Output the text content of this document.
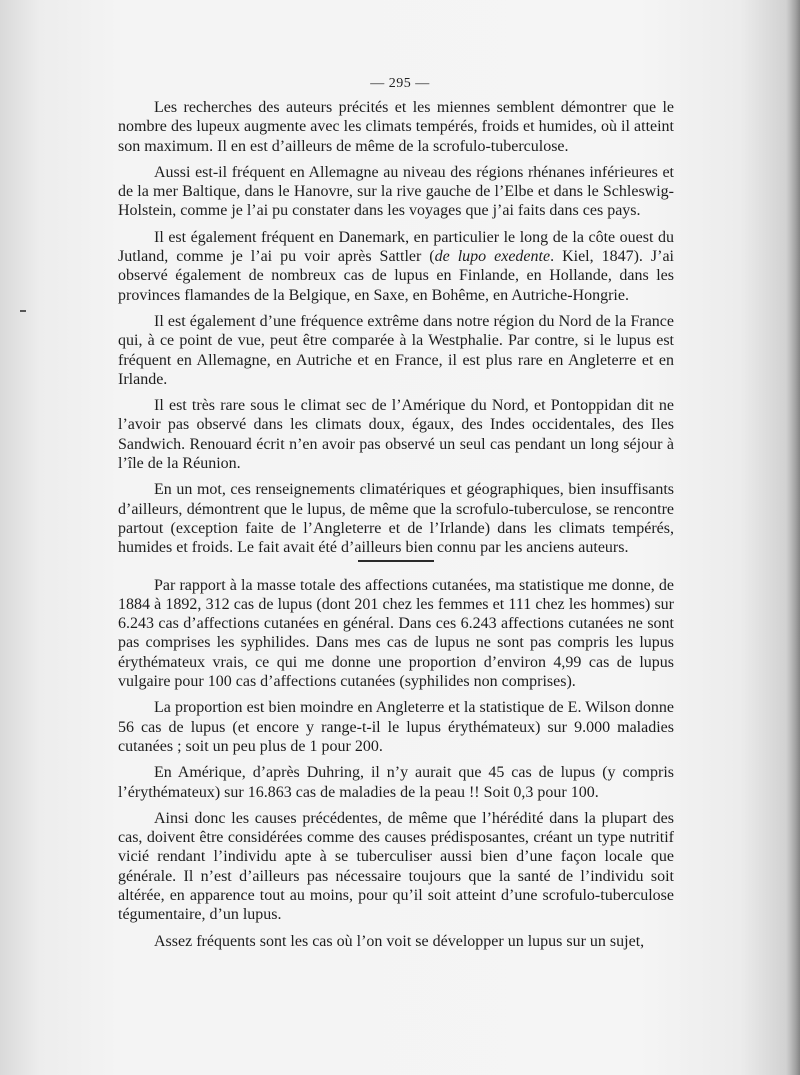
— 295 —

Les recherches des auteurs précités et les miennes semblent démontrer que le nombre des lupeux augmente avec les climats tempérés, froids et humides, où il atteint son maximum. Il en est d’ailleurs de même de la scrofulo-tuberculose.

Aussi est-il fréquent en Allemagne au niveau des régions rhénanes inférieures et de la mer Baltique, dans le Hanovre, sur la rive gauche de l’Elbe et dans le Schleswig-Holstein, comme je l’ai pu constater dans les voyages que j’ai faits dans ces pays.

Il est également fréquent en Danemark, en particulier le long de la côte ouest du Jutland, comme je l’ai pu voir après Sattler (de lupo exedente. Kiel, 1847). J’ai observé également de nombreux cas de lupus en Finlande, en Hollande, dans les provinces flamandes de la Belgique, en Saxe, en Bohême, en Autriche-Hongrie.

Il est également d’une fréquence extrême dans notre région du Nord de la France qui, à ce point de vue, peut être comparée à la Westphalie. Par contre, si le lupus est fréquent en Allemagne, en Autriche et en France, il est plus rare en Angleterre et en Irlande.

Il est très rare sous le climat sec de l’Amérique du Nord, et Pontoppidan dit ne l’avoir pas observé dans les climats doux, égaux, des Indes occidentales, des Iles Sandwich. Renouard écrit n’en avoir pas observé un seul cas pendant un long séjour à l’île de la Réunion.

En un mot, ces renseignements climatériques et géographiques, bien insuffisants d’ailleurs, démontrent que le lupus, de même que la scrofulo-tuberculose, se rencontre partout (exception faite de l’Angleterre et de l’Irlande) dans les climats tempérés, humides et froids. Le fait avait été d’ailleurs bien connu par les anciens auteurs.

Par rapport à la masse totale des affections cutanées, ma statistique me donne, de 1884 à 1892, 312 cas de lupus (dont 201 chez les femmes et 111 chez les hommes) sur 6.243 cas d’affections cutanées en général. Dans ces 6.243 affections cutanées ne sont pas comprises les syphilides. Dans mes cas de lupus ne sont pas compris les lupus érythémateux vrais, ce qui me donne une proportion d’environ 4,99 cas de lupus vulgaire pour 100 cas d’affections cutanées (syphilides non comprises).

La proportion est bien moindre en Angleterre et la statistique de E. Wilson donne 56 cas de lupus (et encore y range-t-il le lupus érythémateux) sur 9.000 maladies cutanées ; soit un peu plus de 1 pour 200.

En Amérique, d’après Duhring, il n’y aurait que 45 cas de lupus (y compris l’érythémateux) sur 16.863 cas de maladies de la peau !! Soit 0,3 pour 100.

Ainsi donc les causes précédentes, de même que l’hérédité dans la plupart des cas, doivent être considérées comme des causes prédisposantes, créant un type nutritif vicié rendant l’individu apte à se tuberculiser aussi bien d’une façon locale que générale. Il n’est d’ailleurs pas nécessaire toujours que la santé de l’individu soit altérée, en apparence tout au moins, pour qu’il soit atteint d’une scrofulo-tuberculose tégumentaire, d’un lupus.

Assez fréquents sont les cas où l’on voit se développer un lupus sur un sujet,
